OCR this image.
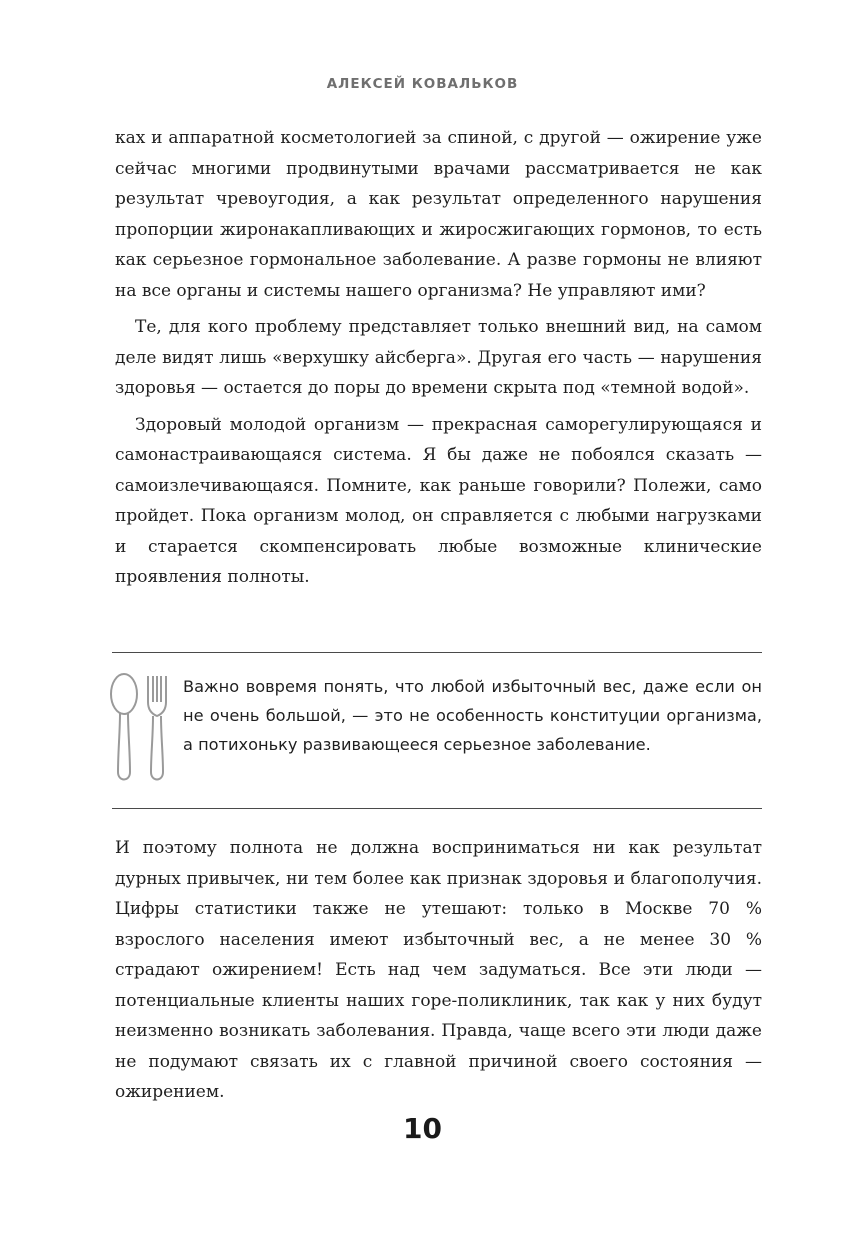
АЛЕКСЕЙ КОВАЛЬКОВ

ках и аппаратной косметологией за спиной, с другой — ожирение уже сейчас многими продвинутыми врачами рассматривается не как результат чревоугодия, а как результат определенного нарушения пропорции жиронакапливающих и жиросжигающих гормонов, то есть как серьезное гормональное заболевание. А разве гормоны не влияют на все органы и системы нашего организма? Не управляют ими?

Те, для кого проблему представляет только внешний вид, на самом деле видят лишь «верхушку айсберга». Другая его часть — нарушения здоровья — остается до поры до времени скрыта под «темной водой».

Здоровый молодой организм — прекрасная саморегулирующаяся и самонастраивающаяся система. Я бы даже не побоялся сказать — самоизлечивающаяся. Помните, как раньше говорили? Полежи, само пройдет. Пока организм молод, он справляется с любыми нагрузками и старается скомпенсировать любые возможные клинические проявления полноты.

Важно вовремя понять, что любой избыточный вес, даже если он не очень большой, — это не особенность конституции организма, а потихоньку развивающееся серьезное заболевание.

И поэтому полнота не должна восприниматься ни как результат дурных привычек, ни тем более как признак здоровья и благополучия. Цифры статистики также не утешают: только в Москве 70 % взрослого населения имеют избыточный вес, а не менее 30 % страдают ожирением! Есть над чем задуматься. Все эти люди — потенциальные клиенты наших горе-поликлиник, так как у них будут неизменно возникать заболевания. Правда, чаще всего эти люди даже не подумают связать их с главной причиной своего состояния — ожирением.

10
